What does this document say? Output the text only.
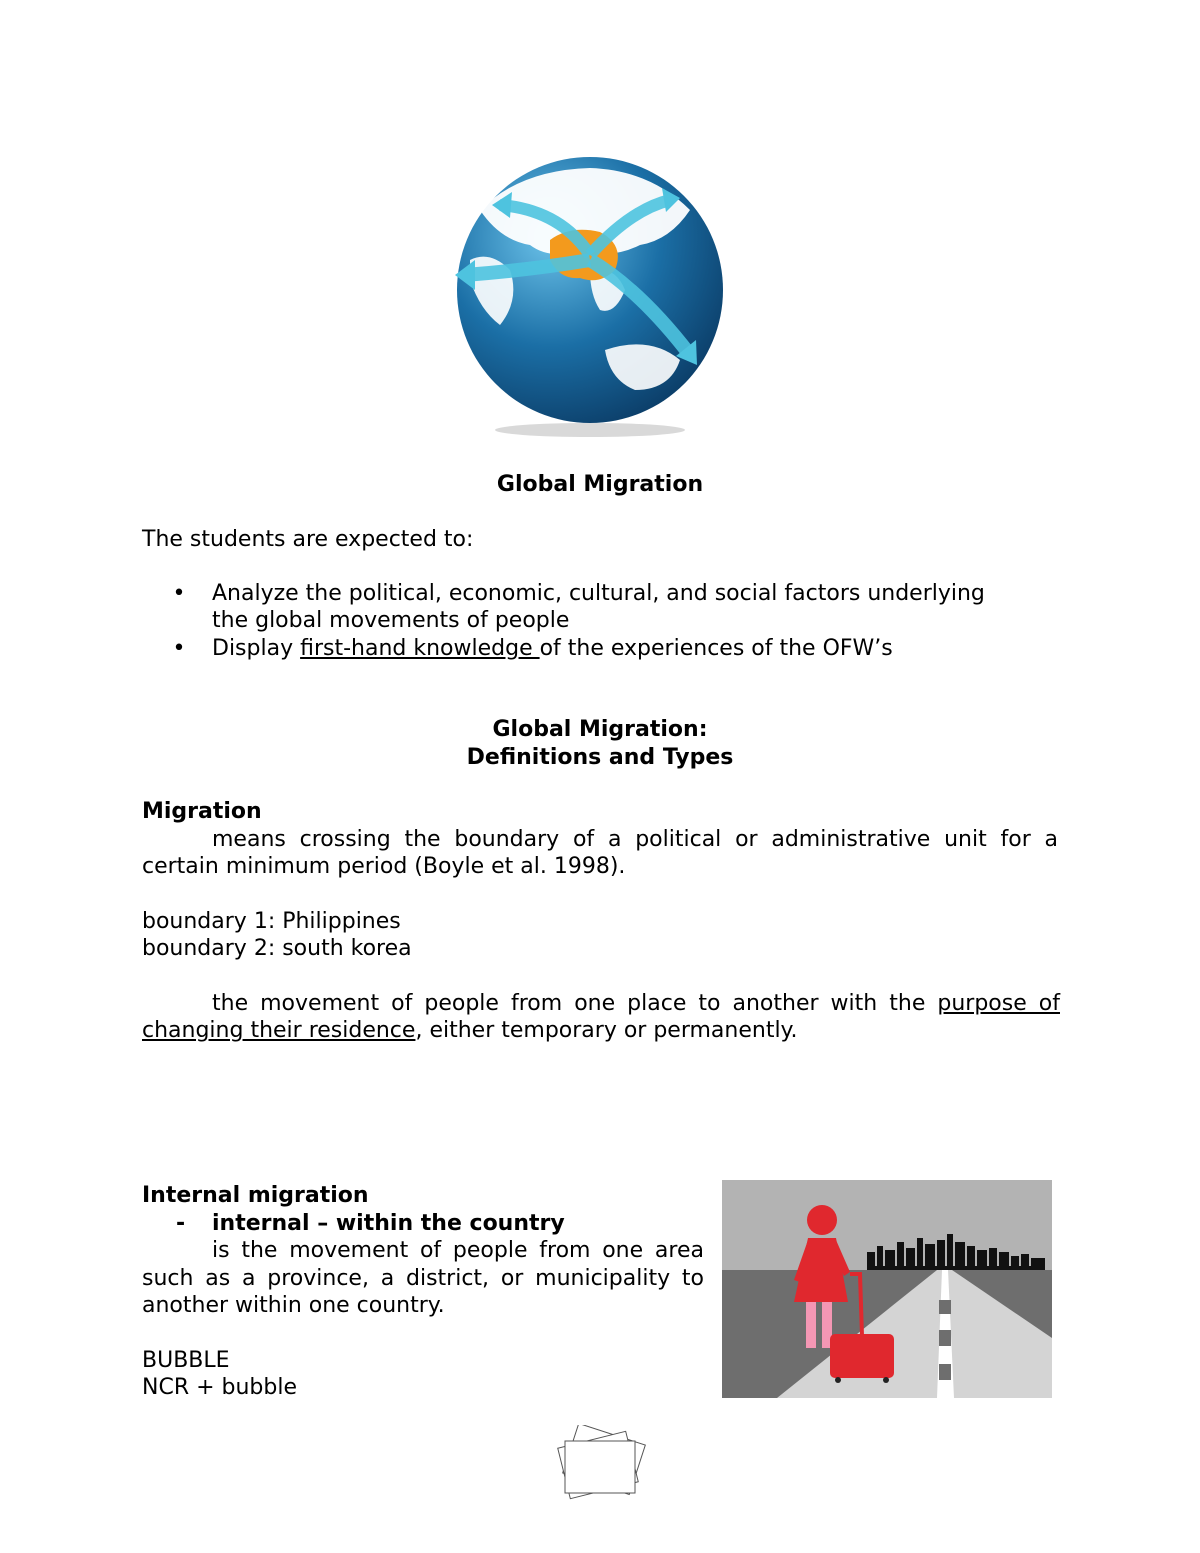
Global Migration
The students are expected to:
• Analyze the political, economic, cultural, and social factors underlying
the global movements of people
• Display first-hand knowledge of the experiences of the OFW’s
Global Migration:
Definitions and Types
Migration
means crossing the boundary of a political or administrative unit for a
certain minimum period (Boyle et al. 1998).
boundary 1: Philippines
boundary 2: south korea
the movement of people from one place to another with the purpose of
changing their residence, either temporary or permanently.
Internal migration
- internal – within the country
is the movement of people from one area
such as a province, a district, or municipality to
another within one country.
BUBBLE
NCR + bubble
